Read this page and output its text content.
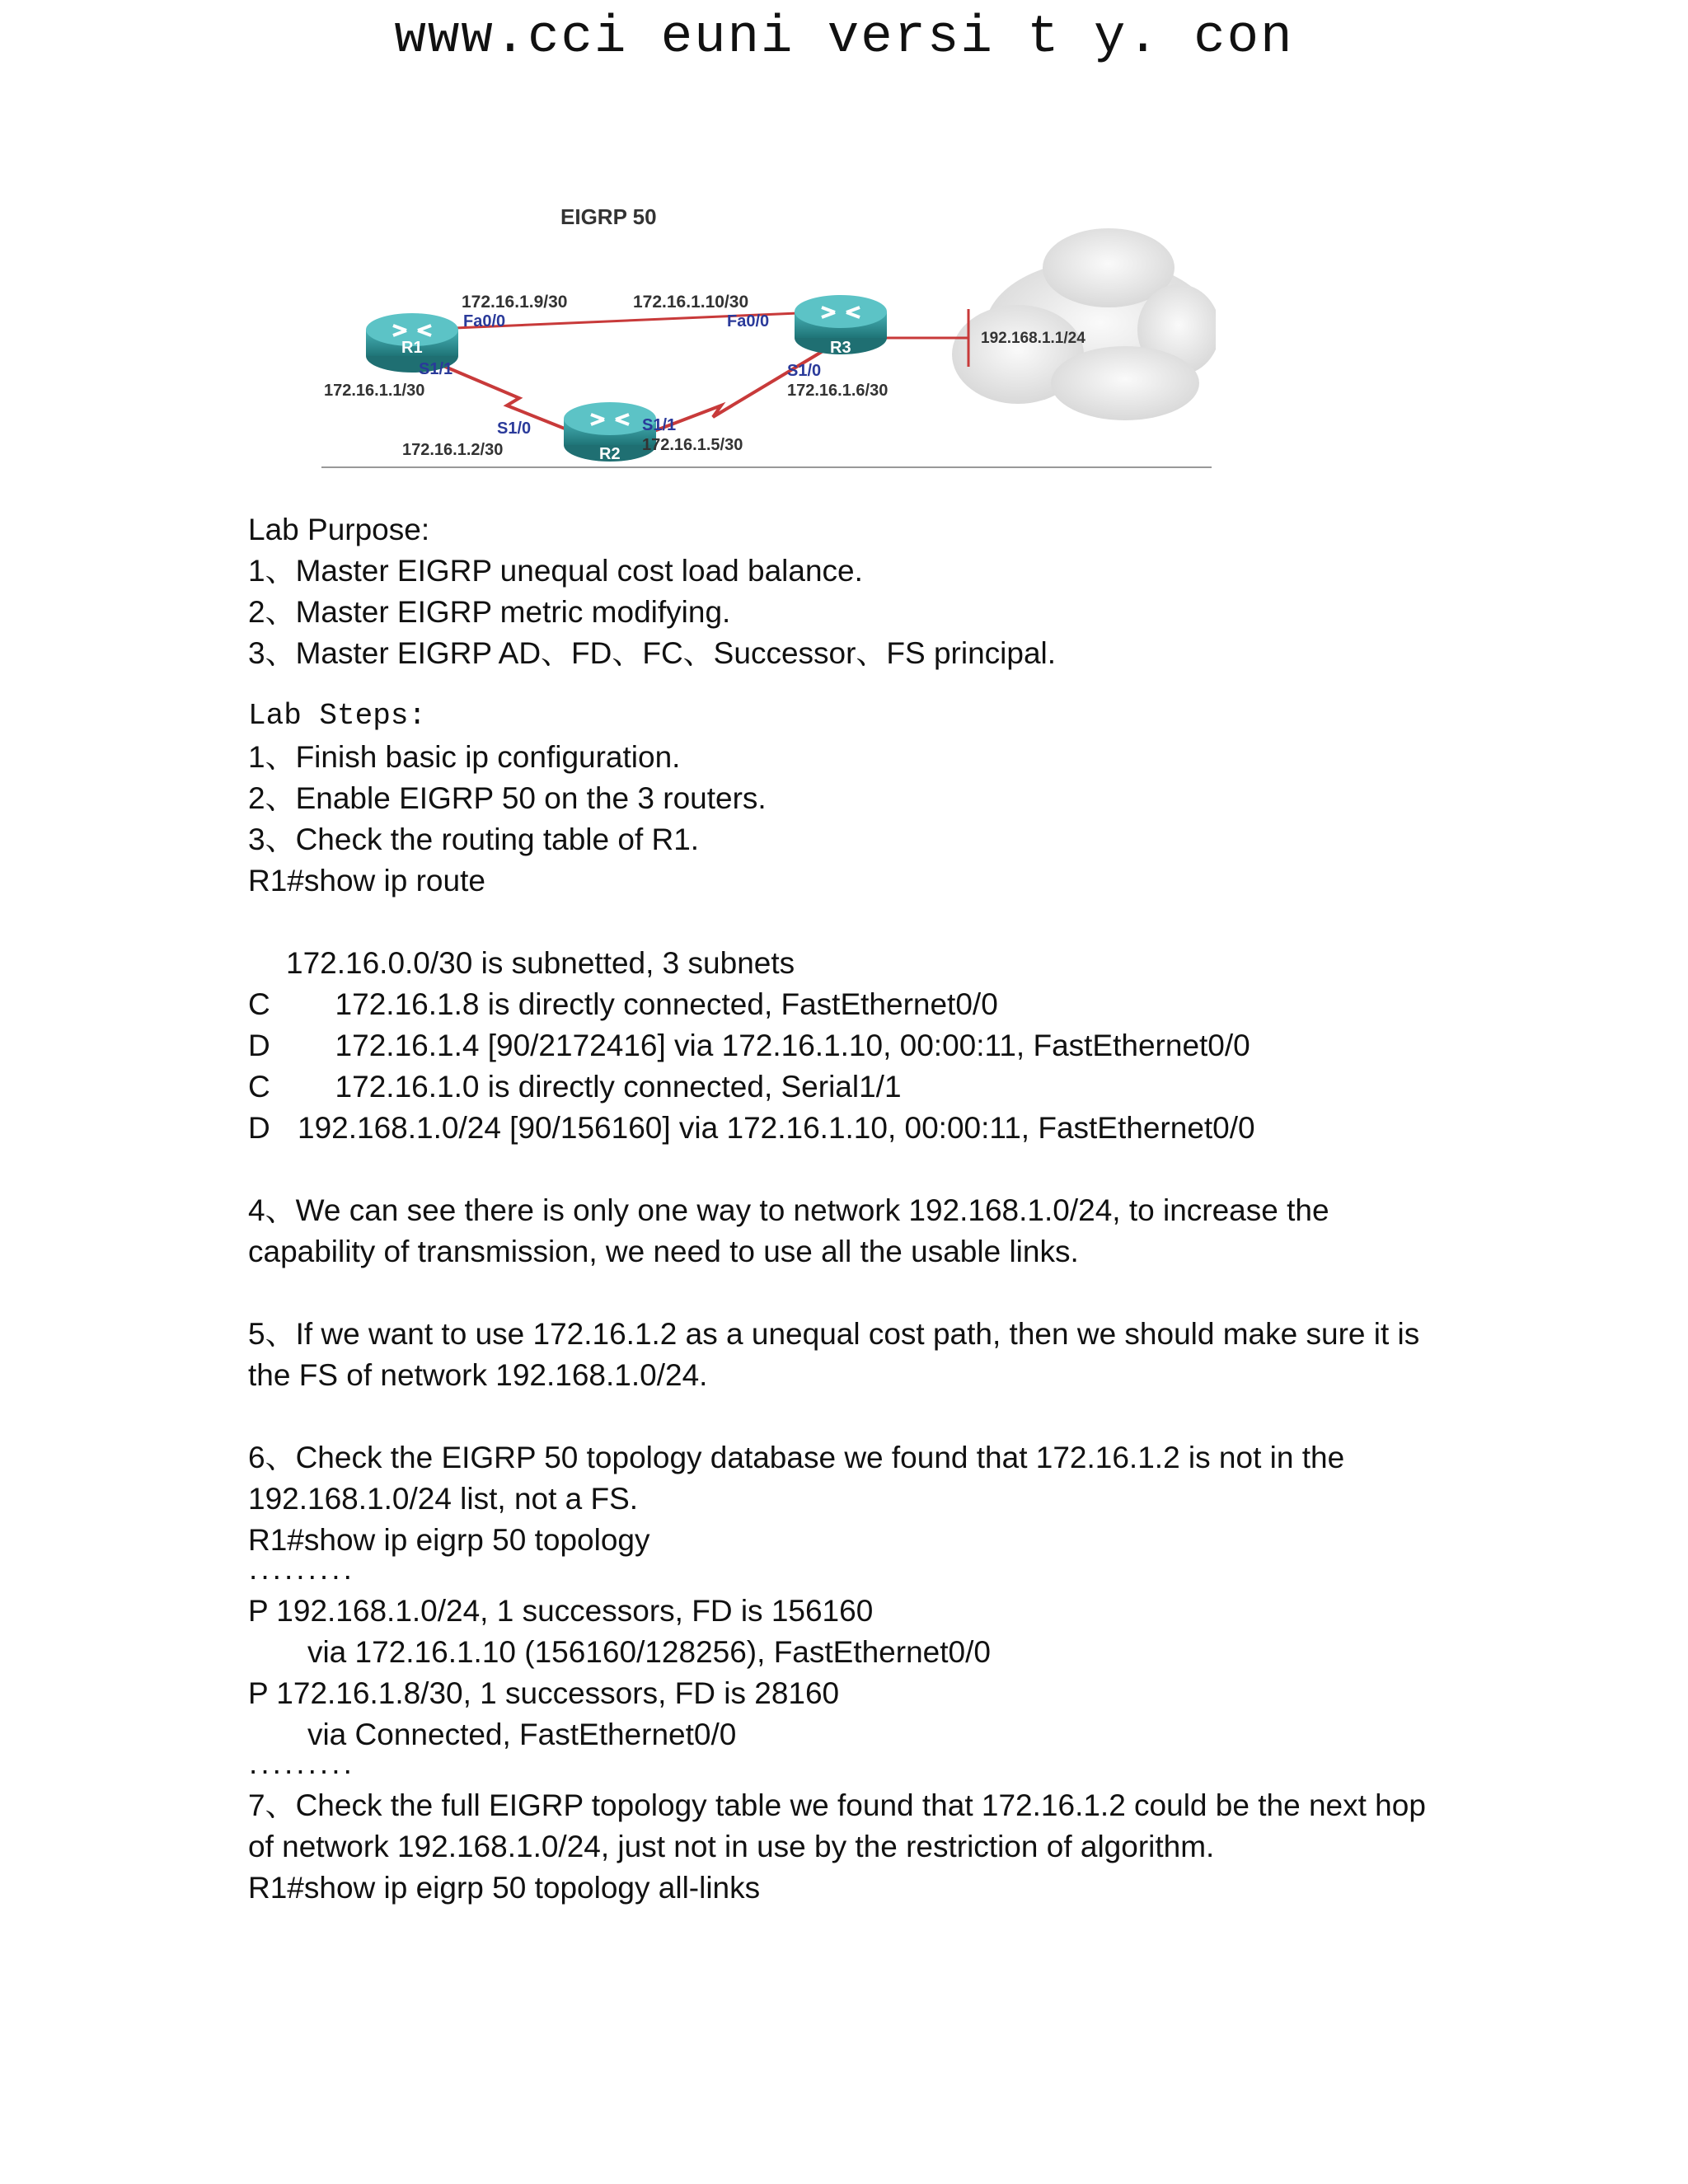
www.cci euni versi t y. con
EIGRP 50
R1	R3
R2
172.16.1.9/30
Fa0/0
172.16.1.10/30
Fa0/0
S1/1
172.16.1.1/30
S1/0
172.16.1.2/30
S1/1
172.16.1.5/30
S1/0
172.16.1.6/30
192.168.1.1/24
Lab Purpose:
1、Master EIGRP unequal cost load balance.
2、Master EIGRP metric modifying.
3、Master EIGRP AD、FD、FC、Successor、FS principal.
Lab Steps:
1、Finish basic ip configuration.
2、Enable EIGRP 50 on the 3 routers.
3、Check the routing table of R1.
R1#show ip route
172.16.0.0/30 is subnetted, 3 subnets
C  172.16.1.8 is directly connected, FastEthernet0/0
D  172.16.1.4 [90/2172416] via 172.16.1.10, 00:00:11, FastEthernet0/0
C  172.16.1.0 is directly connected, Serial1/1
D 192.168.1.0/24 [90/156160] via 172.16.1.10, 00:00:11, FastEthernet0/0
4、We can see there is only one way to network 192.168.1.0/24, to increase the
capability of transmission, we need to use all the usable links.
5、If we want to use 172.16.1.2 as a unequal cost path, then we should make sure it is
the FS of network 192.168.1.0/24.
6、Check the EIGRP 50 topology database we found that 172.16.1.2 is not in the
192.168.1.0/24 list, not a FS.
R1#show ip eigrp 50 topology
·········
P 192.168.1.0/24, 1 successors, FD is 156160
via 172.16.1.10 (156160/128256), FastEthernet0/0
P 172.16.1.8/30, 1 successors, FD is 28160
via Connected, FastEthernet0/0
·········
7、Check the full EIGRP topology table we found that 172.16.1.2 could be the next hop
of network 192.168.1.0/24, just not in use by the restriction of algorithm.
R1#show ip eigrp 50 topology all-links
